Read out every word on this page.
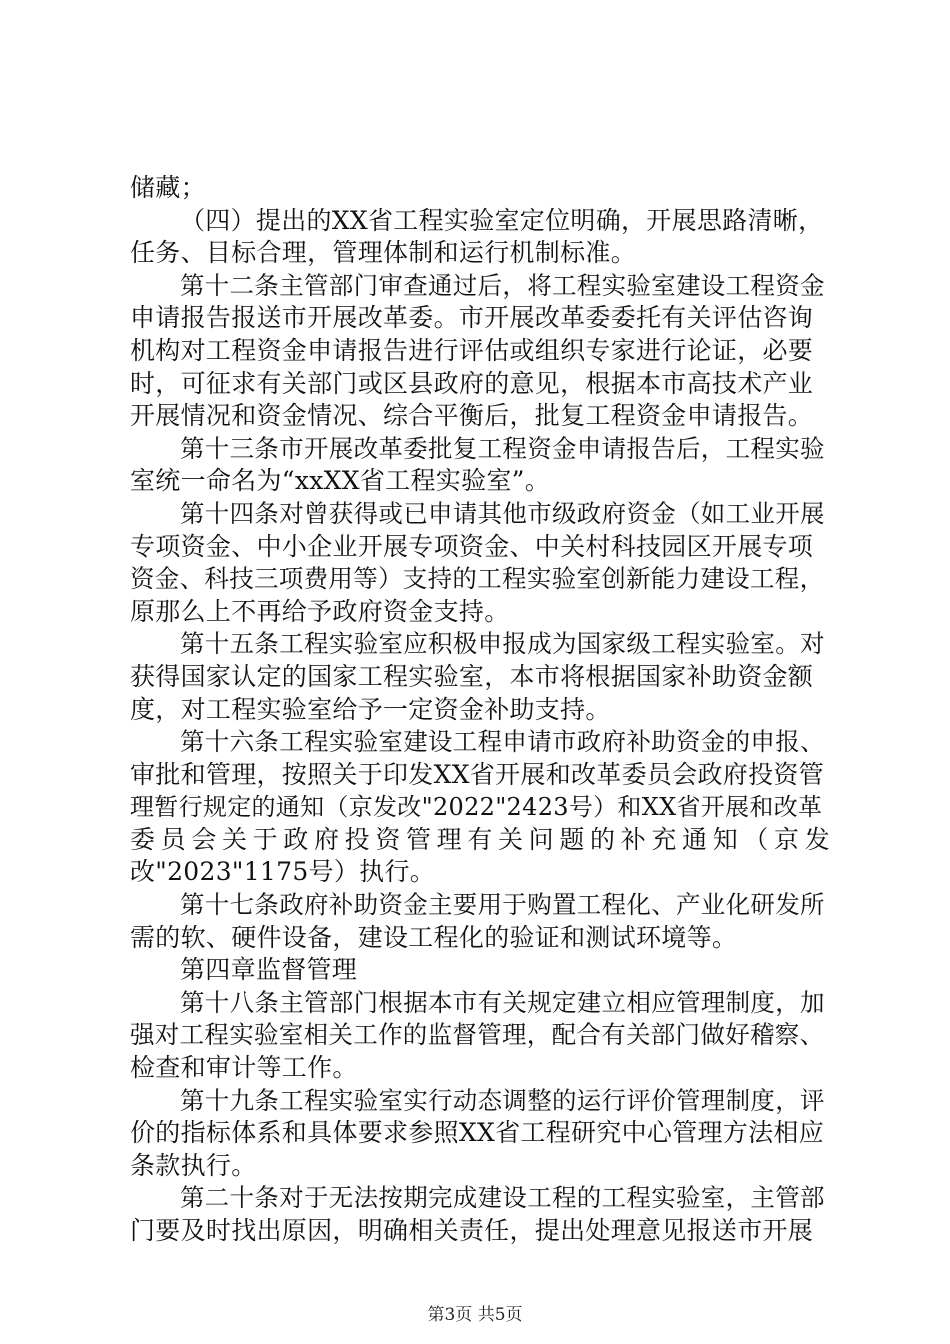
储藏；
（四）提出的XX省工程实验室定位明确，开展思路清晰，
任务、目标合理，管理体制和运行机制标准。
第十二条主管部门审查通过后，将工程实验室建设工程资金
申请报告报送市开展改革委。市开展改革委委托有关评估咨询
机构对工程资金申请报告进行评估或组织专家进行论证，必要
时，可征求有关部门或区县政府的意见，根据本市高技术产业
开展情况和资金情况、综合平衡后，批复工程资金申请报告。
第十三条市开展改革委批复工程资金申请报告后，工程实验
室统一命名为“xxXX省工程实验室”。
第十四条对曾获得或已申请其他市级政府资金（如工业开展
专项资金、中小企业开展专项资金、中关村科技园区开展专项
资金、科技三项费用等）支持的工程实验室创新能力建设工程，
原那么上不再给予政府资金支持。
第十五条工程实验室应积极申报成为国家级工程实验室。对
获得国家认定的国家工程实验室，本市将根据国家补助资金额
度，对工程实验室给予一定资金补助支持。
第十六条工程实验室建设工程申请市政府补助资金的申报、
审批和管理，按照关于印发XX省开展和改革委员会政府投资管
理暂行规定的通知（京发改"2022"2423号）和XX省开展和改革
委员会关于政府投资管理有关问题的补充通知（京发
改"2023"1175号）执行。
第十七条政府补助资金主要用于购置工程化、产业化研发所
需的软、硬件设备，建设工程化的验证和测试环境等。
第四章监督管理
第十八条主管部门根据本市有关规定建立相应管理制度，加
强对工程实验室相关工作的监督管理，配合有关部门做好稽察、
检查和审计等工作。
第十九条工程实验室实行动态调整的运行评价管理制度，评
价的指标体系和具体要求参照XX省工程研究中心管理方法相应
条款执行。
第二十条对于无法按期完成建设工程的工程实验室，主管部
门要及时找出原因，明确相关责任，提出处理意见报送市开展
第3页 共5页
